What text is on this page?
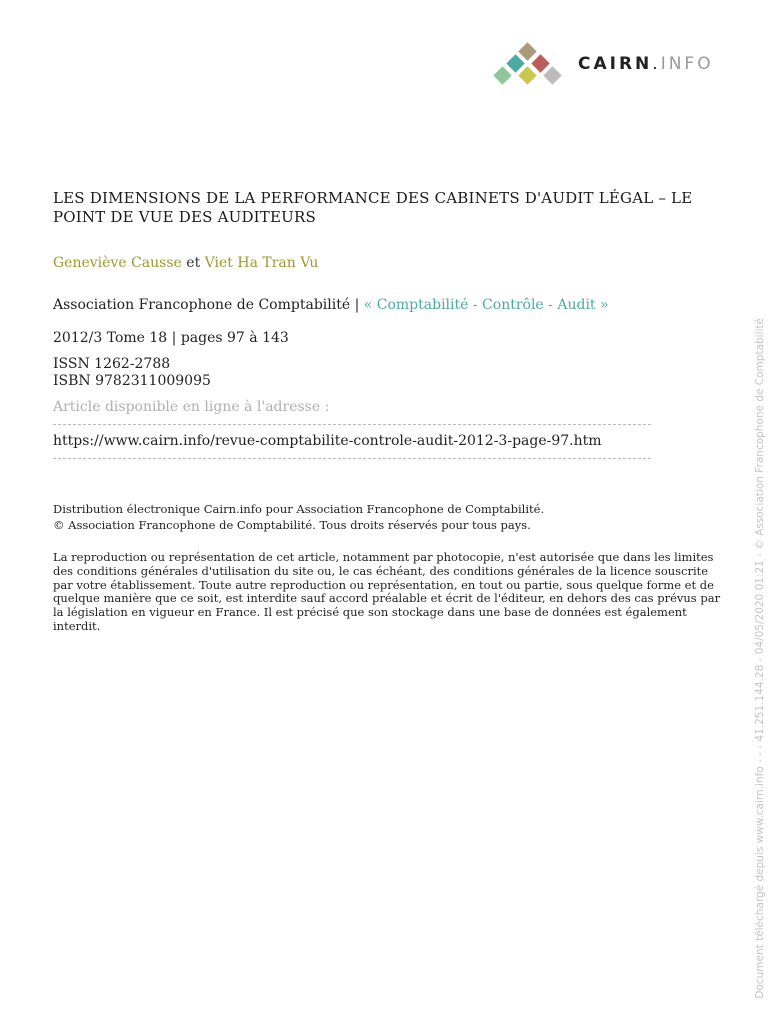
CAIRN.INFO
LES DIMENSIONS DE LA PERFORMANCE DES CABINETS D'AUDIT LÉGAL – LE POINT DE VUE DES AUDITEURS
Geneviève Causse et Viet Ha Tran Vu
Association Francophone de Comptabilité | « Comptabilité - Contrôle - Audit »
2012/3 Tome 18 | pages 97 à 143
ISSN 1262-2788
ISBN 9782311009095
Article disponible en ligne à l'adresse :
https://www.cairn.info/revue-comptabilite-controle-audit-2012-3-page-97.htm
Distribution électronique Cairn.info pour Association Francophone de Comptabilité.
© Association Francophone de Comptabilité. Tous droits réservés pour tous pays.

La reproduction ou représentation de cet article, notamment par photocopie, n'est autorisée que dans les limites des conditions générales d'utilisation du site ou, le cas échéant, des conditions générales de la licence souscrite par votre établissement. Toute autre reproduction ou représentation, en tout ou partie, sous quelque forme et de quelque manière que ce soit, est interdite sauf accord préalable et écrit de l'éditeur, en dehors des cas prévus par la législation en vigueur en France. Il est précisé que son stockage dans une base de données est également interdit.	Document téléchargé depuis www.cairn.info - - - 41.251.144.28 - 04/05/2020 01:21 - © Association Francophone de Comptabilité
